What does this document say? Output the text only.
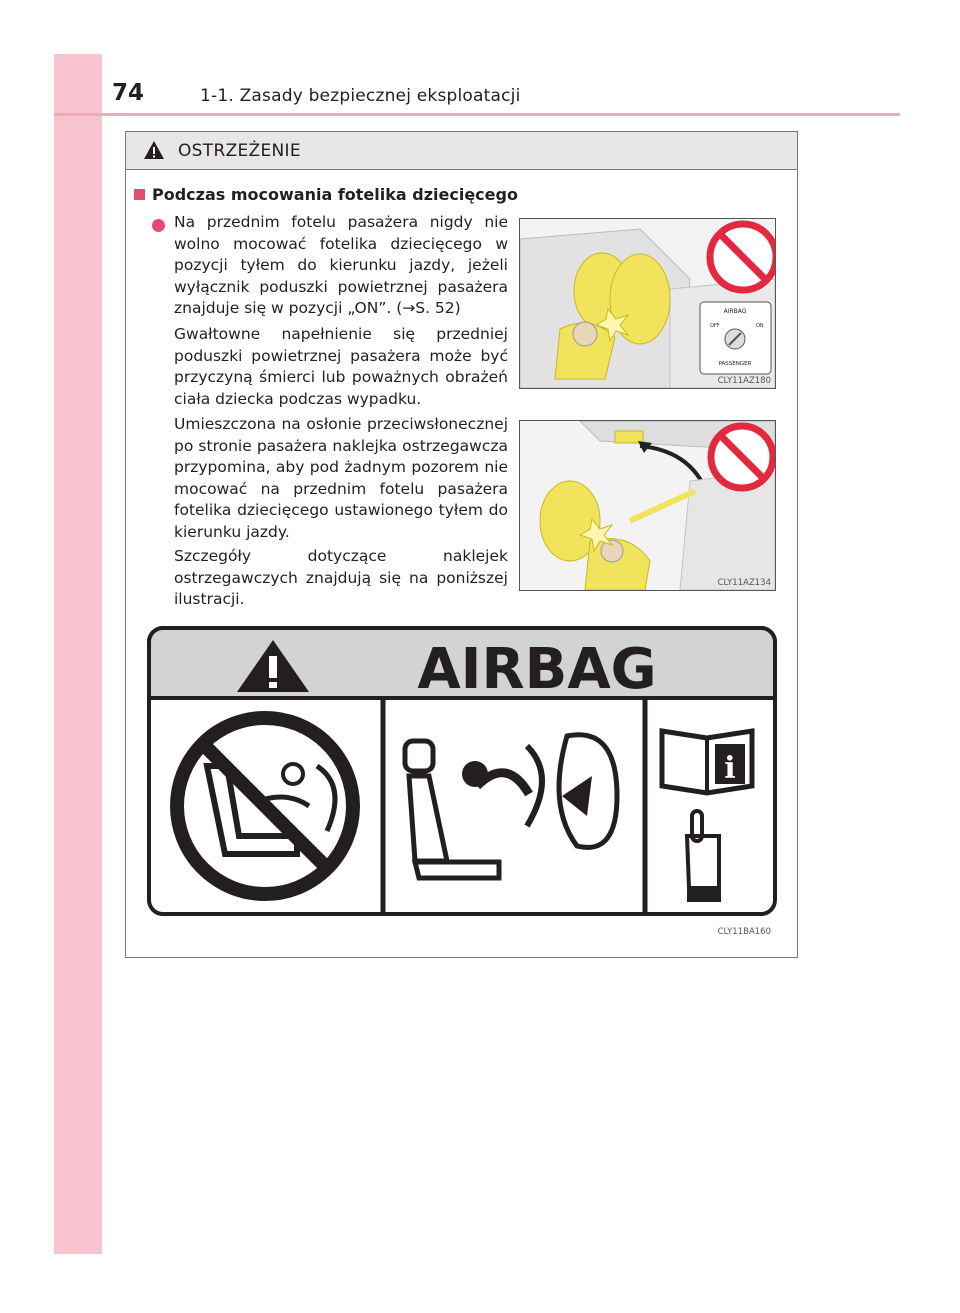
74	1-1. Zasady bezpiecznej eksploatacji
OSTRZEŻENIE
Podczas mocowania fotelika dziecięcego

Na przednim fotelu pasażera nigdy nie wolno mocować fotelika dziecięcego w pozycji tyłem do kierunku jazdy, jeżeli wyłącznik poduszki powietrznej pasażera znajduje się w pozycji „ON”. (→S. 52)

Gwałtowne napełnienie się przedniej poduszki powietrznej pasażera może być przyczyną śmierci lub poważnych obrażeń ciała dziecka podczas wypadku.

Umieszczona na osłonie przeciwsłonecznej po stronie pasażera naklejka ostrzegawcza przypomina, aby pod żadnym pozorem nie mocować na przednim fotelu pasażera fotelika dziecięcego ustawionego tyłem do kierunku jazdy.

Szczegóły dotyczące naklejek ostrzegawczych znajdują się na poniższej ilustracji.

AIRBAG
OFF	ON
PASSENGER
CLY11AZ180
CLY11AZ134
AIRBAG
i
CLY11BA160
